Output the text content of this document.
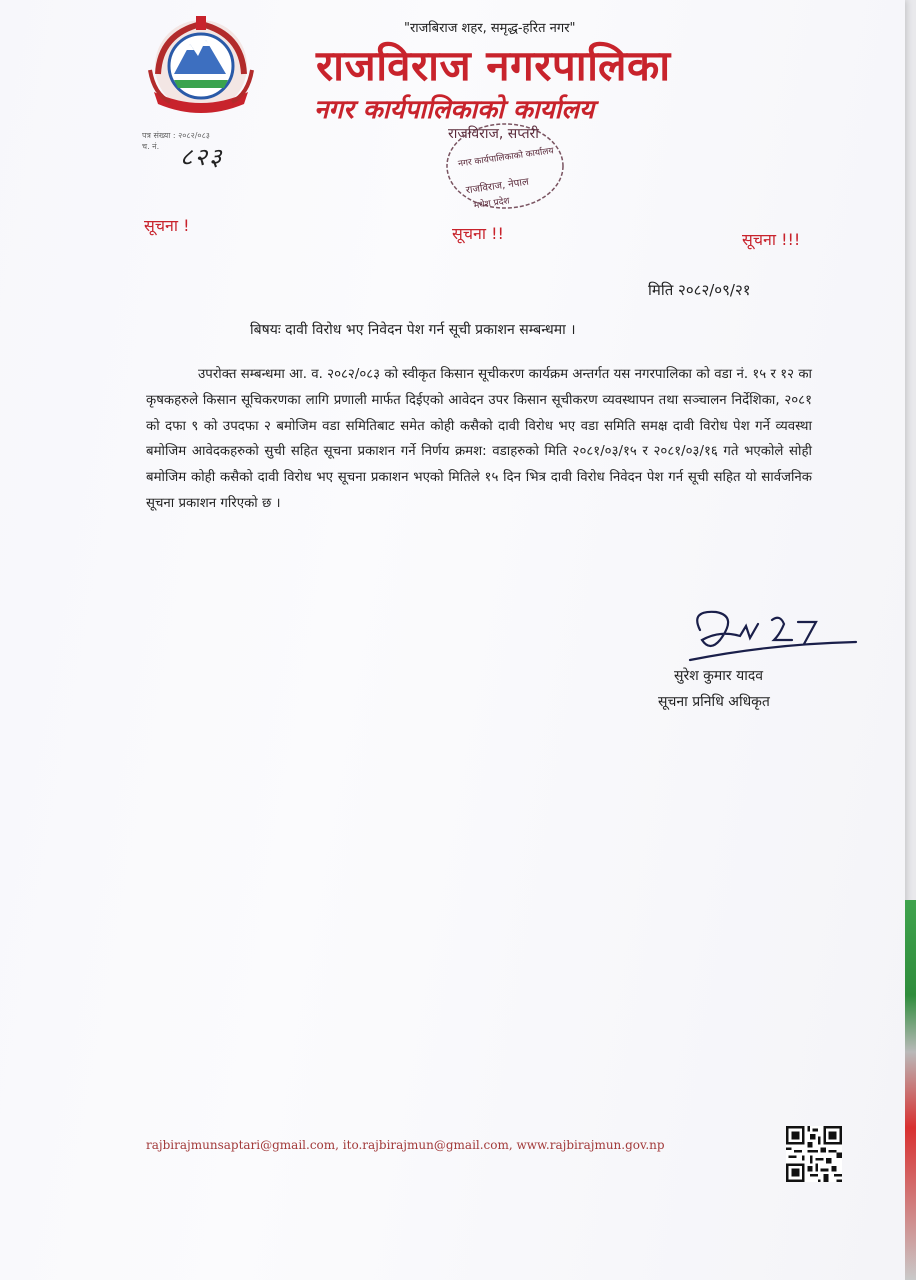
"राजबिराज शहर, समृद्ध-हरित नगर"
राजविराज नगरपालिका
नगर कार्यपालिकाको कार्यालय
राजविराज, सप्तरी
नगर कार्यपालिकाको कार्यालय
राजविराज, नेपाल
मधेश प्रदेश
पत्र संख्या : २०८२/०८३
च. नं. ८२३
सूचना !	सूचना !!	सूचना !!!
मिति २०८२/०९/२१
बिषयः दावी विरोध भए निवेदन पेश गर्न सूची प्रकाशन सम्बन्धमा ।
उपरोक्त सम्बन्धमा आ. व. २०८२/०८३ को स्वीकृत किसान सूचीकरण कार्यक्रम अन्तर्गत यस नगरपालिका को वडा नं. १५ र १२ का कृषकहरुले किसान सूचिकरणका लागि प्रणाली मार्फत दिईएको आवेदन उपर किसान सूचीकरण व्यवस्थापन तथा सञ्चालन निर्देशिका, २०८१ को दफा ९ को उपदफा २ बमोजिम वडा समितिबाट समेत कोही कसैको दावी विरोध भए वडा समिति समक्ष दावी विरोध पेश गर्ने व्यवस्था बमोजिम आवेदकहरुको सुची सहित सूचना प्रकाशन गर्ने निर्णय क्रमश: वडाहरुको मिति २०८१/०३/१५ र २०८१/०३/१६ गते भएकोले सोही बमोजिम कोही कसैको दावी विरोध भए सूचना प्रकाशन भएको मितिले १५ दिन भित्र दावी विरोध निवेदन पेश गर्न सूची सहित यो सार्वजनिक सूचना प्रकाशन गरिएको छ ।
Sm 12/9
सुरेश कुमार यादव
सूचना प्रनिधि अधिकृत
rajbirajmunsaptari@gmail.com, ito.rajbirajmun@gmail.com, www.rajbirajmun.gov.np
